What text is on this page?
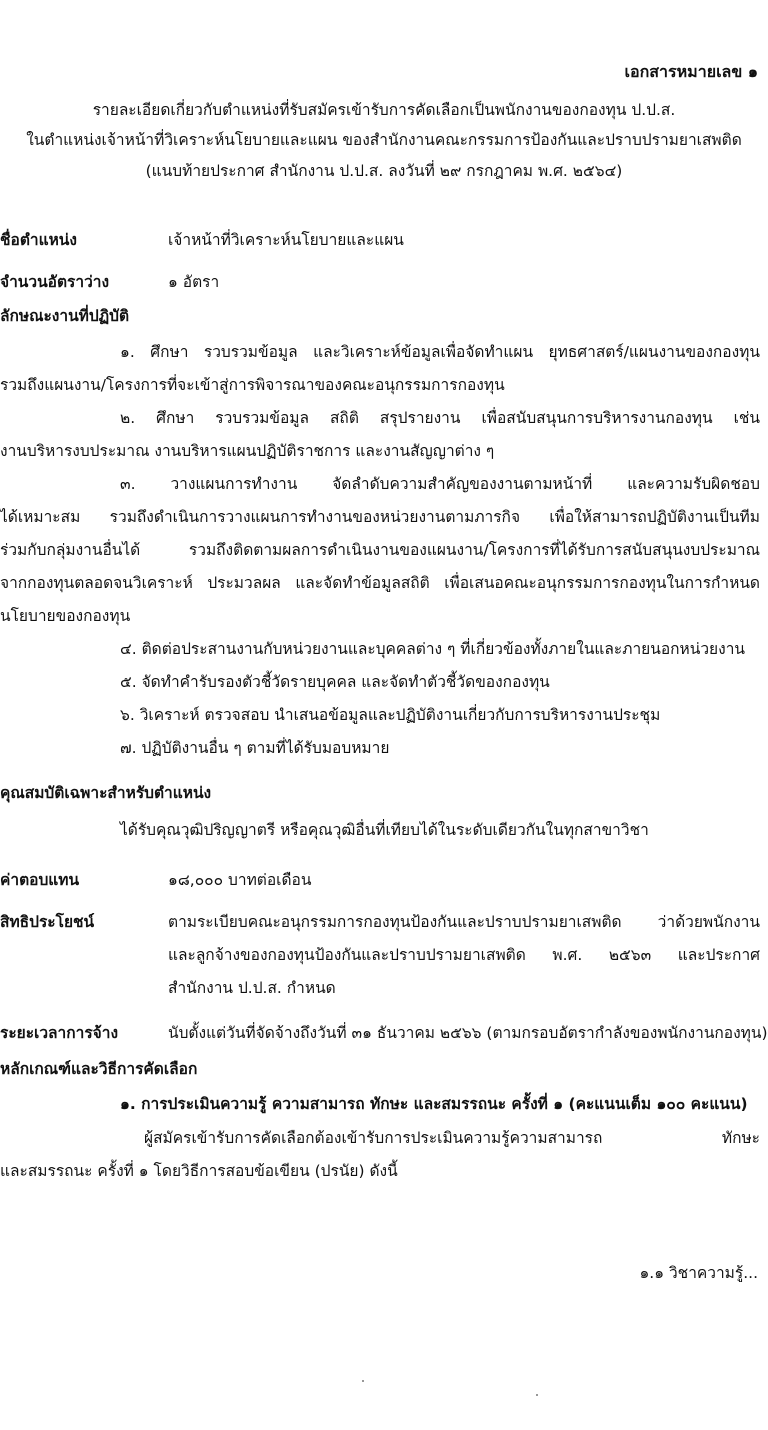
เอกสารหมายเลข ๑
รายละเอียดเกี่ยวกับตำแหน่งที่รับสมัครเข้ารับการคัดเลือกเป็นพนักงานของกองทุน ป.ป.ส.
ในตำแหน่งเจ้าหน้าที่วิเคราะห์นโยบายและแผน ของสำนักงานคณะกรรมการป้องกันและปราบปรามยาเสพติด
(แนบท้ายประกาศ สำนักงาน ป.ป.ส. ลงวันที่ ๒๙ กรกฎาคม พ.ศ. ๒๕๖๔)
ชื่อตำแหน่ง	เจ้าหน้าที่วิเคราะห์นโยบายและแผน
จำนวนอัตราว่าง	๑ อัตรา
ลักษณะงานที่ปฏิบัติ
๑. ศึกษา รวบรวมข้อมูล และวิเคราะห์ข้อมูลเพื่อจัดทำแผน ยุทธศาสตร์/แผนงานของกองทุน
รวมถึงแผนงาน/โครงการที่จะเข้าสู่การพิจารณาของคณะอนุกรรมการกองทุน
๒. ศึกษา รวบรวมข้อมูล สถิติ สรุปรายงาน เพื่อสนับสนุนการบริหารงานกองทุน เช่น
งานบริหารงบประมาณ งานบริหารแผนปฏิบัติราชการ และงานสัญญาต่าง ๆ
๓. วางแผนการทำงาน จัดลำดับความสำคัญของงานตามหน้าที่ และความรับผิดชอบ
ได้เหมาะสม รวมถึงดำเนินการวางแผนการทำงานของหน่วยงานตามภารกิจ เพื่อให้สามารถปฏิบัติงานเป็นทีม
ร่วมกับกลุ่มงานอื่นได้ รวมถึงติดตามผลการดำเนินงานของแผนงาน/โครงการที่ได้รับการสนับสนุนงบประมาณ
จากกองทุนตลอดจนวิเคราะห์ ประมวลผล และจัดทำข้อมูลสถิติ เพื่อเสนอคณะอนุกรรมการกองทุนในการกำหนด
นโยบายของกองทุน
๔. ติดต่อประสานงานกับหน่วยงานและบุคคลต่าง ๆ ที่เกี่ยวข้องทั้งภายในและภายนอกหน่วยงาน
๕. จัดทำคำรับรองตัวชี้วัดรายบุคคล และจัดทำตัวชี้วัดของกองทุน
๖. วิเคราะห์ ตรวจสอบ นำเสนอข้อมูลและปฏิบัติงานเกี่ยวกับการบริหารงานประชุม
๗. ปฏิบัติงานอื่น ๆ ตามที่ได้รับมอบหมาย
คุณสมบัติเฉพาะสำหรับตำแหน่ง
ได้รับคุณวุฒิปริญญาตรี หรือคุณวุฒิอื่นที่เทียบได้ในระดับเดียวกันในทุกสาขาวิชา
ค่าตอบแทน	๑๘,๐๐๐ บาทต่อเดือน
สิทธิประโยชน์	ตามระเบียบคณะอนุกรรมการกองทุนป้องกันและปราบปรามยาเสพติด ว่าด้วยพนักงาน
และลูกจ้างของกองทุนป้องกันและปราบปรามยาเสพติด พ.ศ. ๒๕๖๓ และประกาศ
สำนักงาน ป.ป.ส. กำหนด
ระยะเวลาการจ้าง	นับตั้งแต่วันที่จัดจ้างถึงวันที่ ๓๑ ธันวาคม ๒๕๖๖ (ตามกรอบอัตรากำลังของพนักงานกองทุน)
หลักเกณฑ์และวิธีการคัดเลือก
๑. การประเมินความรู้ ความสามารถ ทักษะ และสมรรถนะ ครั้งที่ ๑ (คะแนนเต็ม ๑๐๐ คะแนน)
ผู้สมัครเข้ารับการคัดเลือกต้องเข้ารับการประเมินความรู้ความสามารถ ทักษะ
และสมรรถนะ ครั้งที่ ๑ โดยวิธีการสอบข้อเขียน (ปรนัย) ดังนี้
๑.๑ วิชาความรู้...
